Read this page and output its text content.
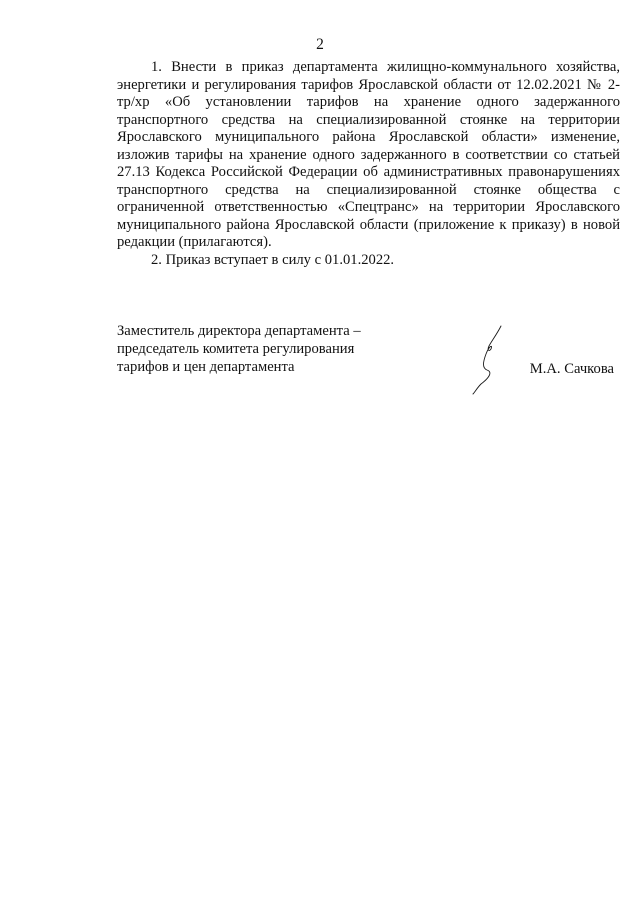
2

1. Внести в приказ департамента жилищно-коммунального хозяйства, энергетики и регулирования тарифов Ярославской области от 12.02.2021 № 2-тр/хр «Об установлении тарифов на хранение одного задержанного транспортного средства на специализированной стоянке на территории Ярославского муниципального района Ярославской области» изменение, изложив тарифы на хранение одного задержанного в соответствии со статьей 27.13 Кодекса Российской Федерации об административных правонарушениях транспортного средства на специализированной стоянке общества с ограниченной ответственностью «Спецтранс» на территории Ярославского муниципального района Ярославской области (приложение к приказу) в новой редакции (прилагаются).

2. Приказ вступает в силу с 01.01.2022.

Заместитель директора департамента –
председатель комитета регулирования
тарифов и цен департамента	М.А. Сачкова
